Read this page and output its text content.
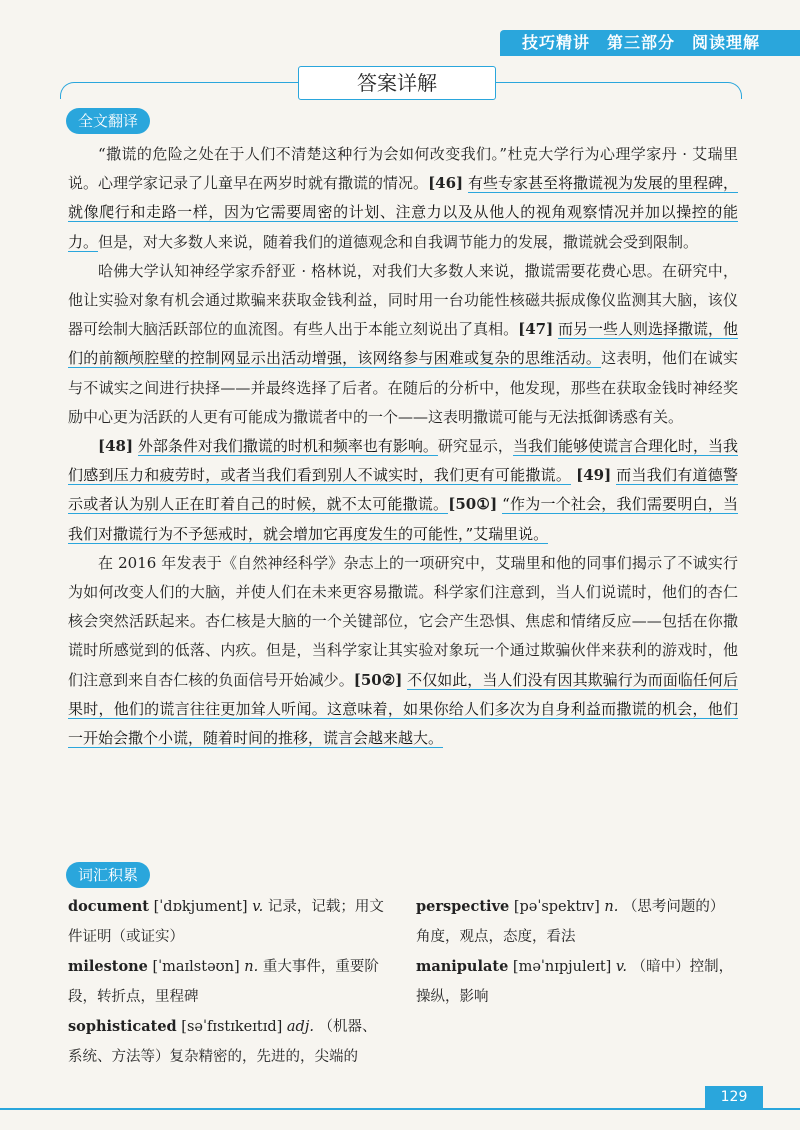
技巧精讲　第三部分　阅读理解
答案详解
全文翻译

“撒谎的危险之处在于人们不清楚这种行为会如何改变我们。”杜克大学行为心理学家丹 · 艾瑞里说。心理学家记录了儿童早在两岁时就有撒谎的情况。[46] 有些专家甚至将撒谎视为发展的里程碑，就像爬行和走路一样，因为它需要周密的计划、注意力以及从他人的视角观察情况并加以操控的能力。但是，对大多数人来说，随着我们的道德观念和自我调节能力的发展，撒谎就会受到限制。

哈佛大学认知神经学家乔舒亚 · 格林说，对我们大多数人来说，撒谎需要花费心思。在研究中，他让实验对象有机会通过欺骗来获取金钱利益，同时用一台功能性核磁共振成像仪监测其大脑，该仪器可绘制大脑活跃部位的血流图。有些人出于本能立刻说出了真相。[47] 而另一些人则选择撒谎，他们的前额颅腔壁的控制网显示出活动增强，该网络参与困难或复杂的思维活动。这表明，他们在诚实与不诚实之间进行抉择——并最终选择了后者。在随后的分析中，他发现，那些在获取金钱时神经奖励中心更为活跃的人更有可能成为撒谎者中的一个——这表明撒谎可能与无法抵御诱惑有关。

[48] 外部条件对我们撒谎的时机和频率也有影响。研究显示，当我们能够使谎言合理化时，当我们感到压力和疲劳时，或者当我们看到别人不诚实时，我们更有可能撒谎。 [49] 而当我们有道德警示或者认为别人正在盯着自己的时候，就不太可能撒谎。[50①] “作为一个社会，我们需要明白，当我们对撒谎行为不予惩戒时，就会增加它再度发生的可能性，”艾瑞里说。

在 2016 年发表于《自然神经科学》杂志上的一项研究中，艾瑞里和他的同事们揭示了不诚实行为如何改变人们的大脑，并使人们在未来更容易撒谎。科学家们注意到，当人们说谎时，他们的杏仁核会突然活跃起来。杏仁核是大脑的一个关键部位，它会产生恐惧、焦虑和情绪反应——包括在你撒谎时所感觉到的低落、内疚。但是，当科学家让其实验对象玩一个通过欺骗伙伴来获利的游戏时，他们注意到来自杏仁核的负面信号开始减少。[50②] 不仅如此，当人们没有因其欺骗行为而面临任何后果时，他们的谎言往往更加耸人听闻。这意味着，如果你给人们多次为自身利益而撒谎的机会，他们一开始会撒个小谎，随着时间的推移，谎言会越来越大。

词汇积累

document [ˈdɒkjument] v. 记录，记载；用文件证明（或证实）

milestone [ˈmaɪlstəʊn] n. 重大事件，重要阶段，转折点，里程碑

sophisticated [səˈfɪstɪkeɪtɪd] adj. （机器、系统、方法等）复杂精密的，先进的，尖端的

perspective [pəˈspektɪv] n. （思考问题的）角度，观点，态度，看法

manipulate [məˈnɪpjuleɪt] v. （暗中）控制，操纵，影响

129
